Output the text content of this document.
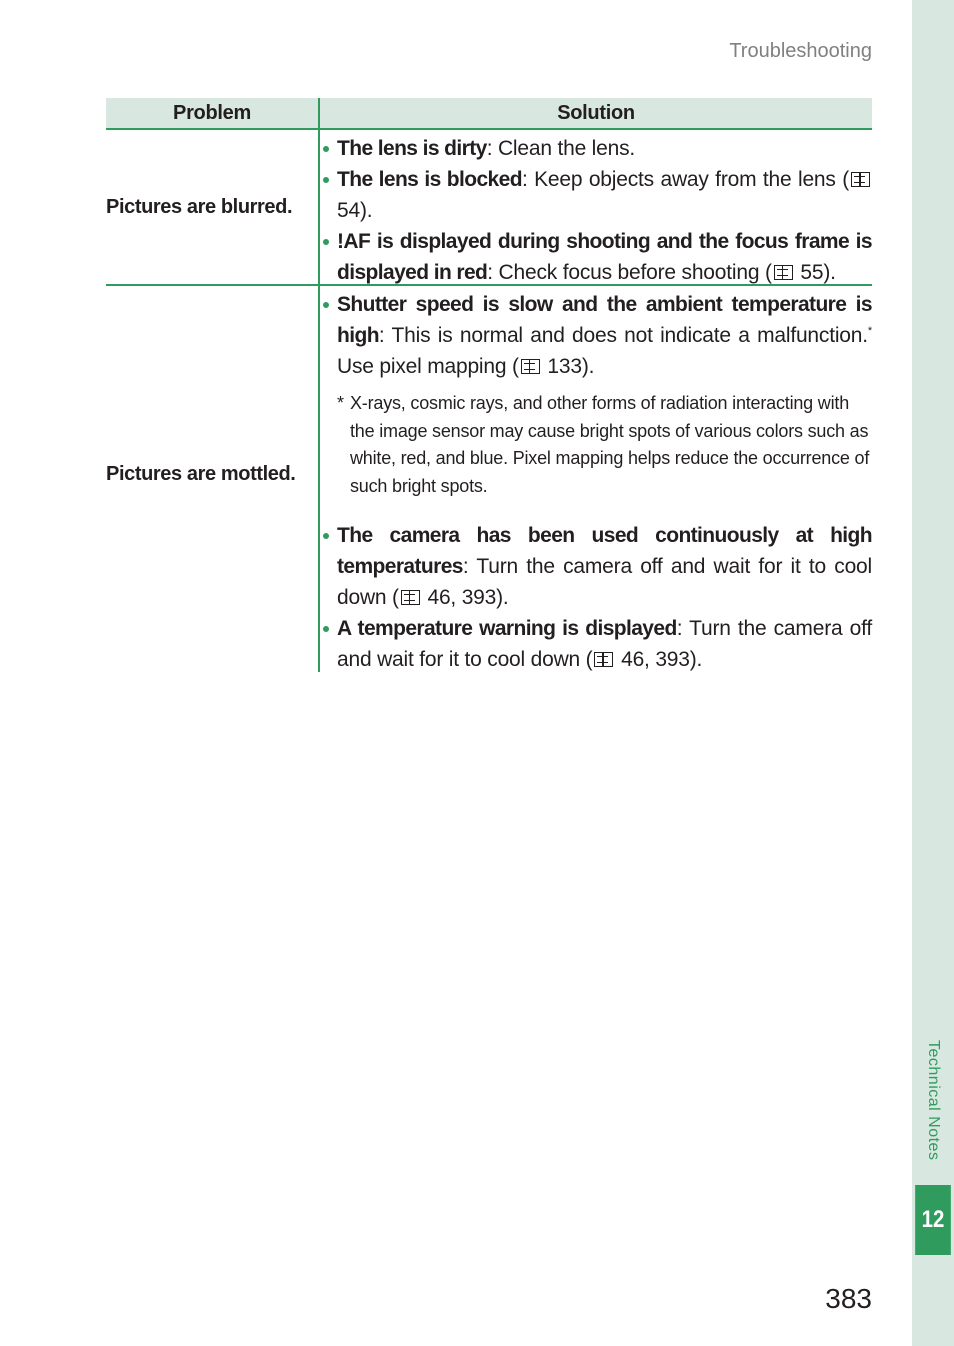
Technical Notes
12
Troubleshooting
Problem	Solution
Pictures are blurred.
The lens is dirty: Clean the lens.
The lens is blocked: Keep objects away from the lens ( 54).
!AF is displayed during shooting and the focus frame is displayed in red: Check focus before shooting ( 55).
Pictures are mottled.
Shutter speed is slow and the ambient temperature is high: This is normal and does not indicate a malfunction.* Use pixel mapping ( 133).
* X-rays, cosmic rays, and other forms of radiation interacting with the image sensor may cause bright spots of various colors such as white, red, and blue. Pixel mapping helps reduce the occurrence of such bright spots.
The camera has been used continuously at high temperatures: Turn the camera off and wait for it to cool down ( 46, 393).
A temperature warning is displayed: Turn the camera off and wait for it to cool down ( 46, 393).
383
